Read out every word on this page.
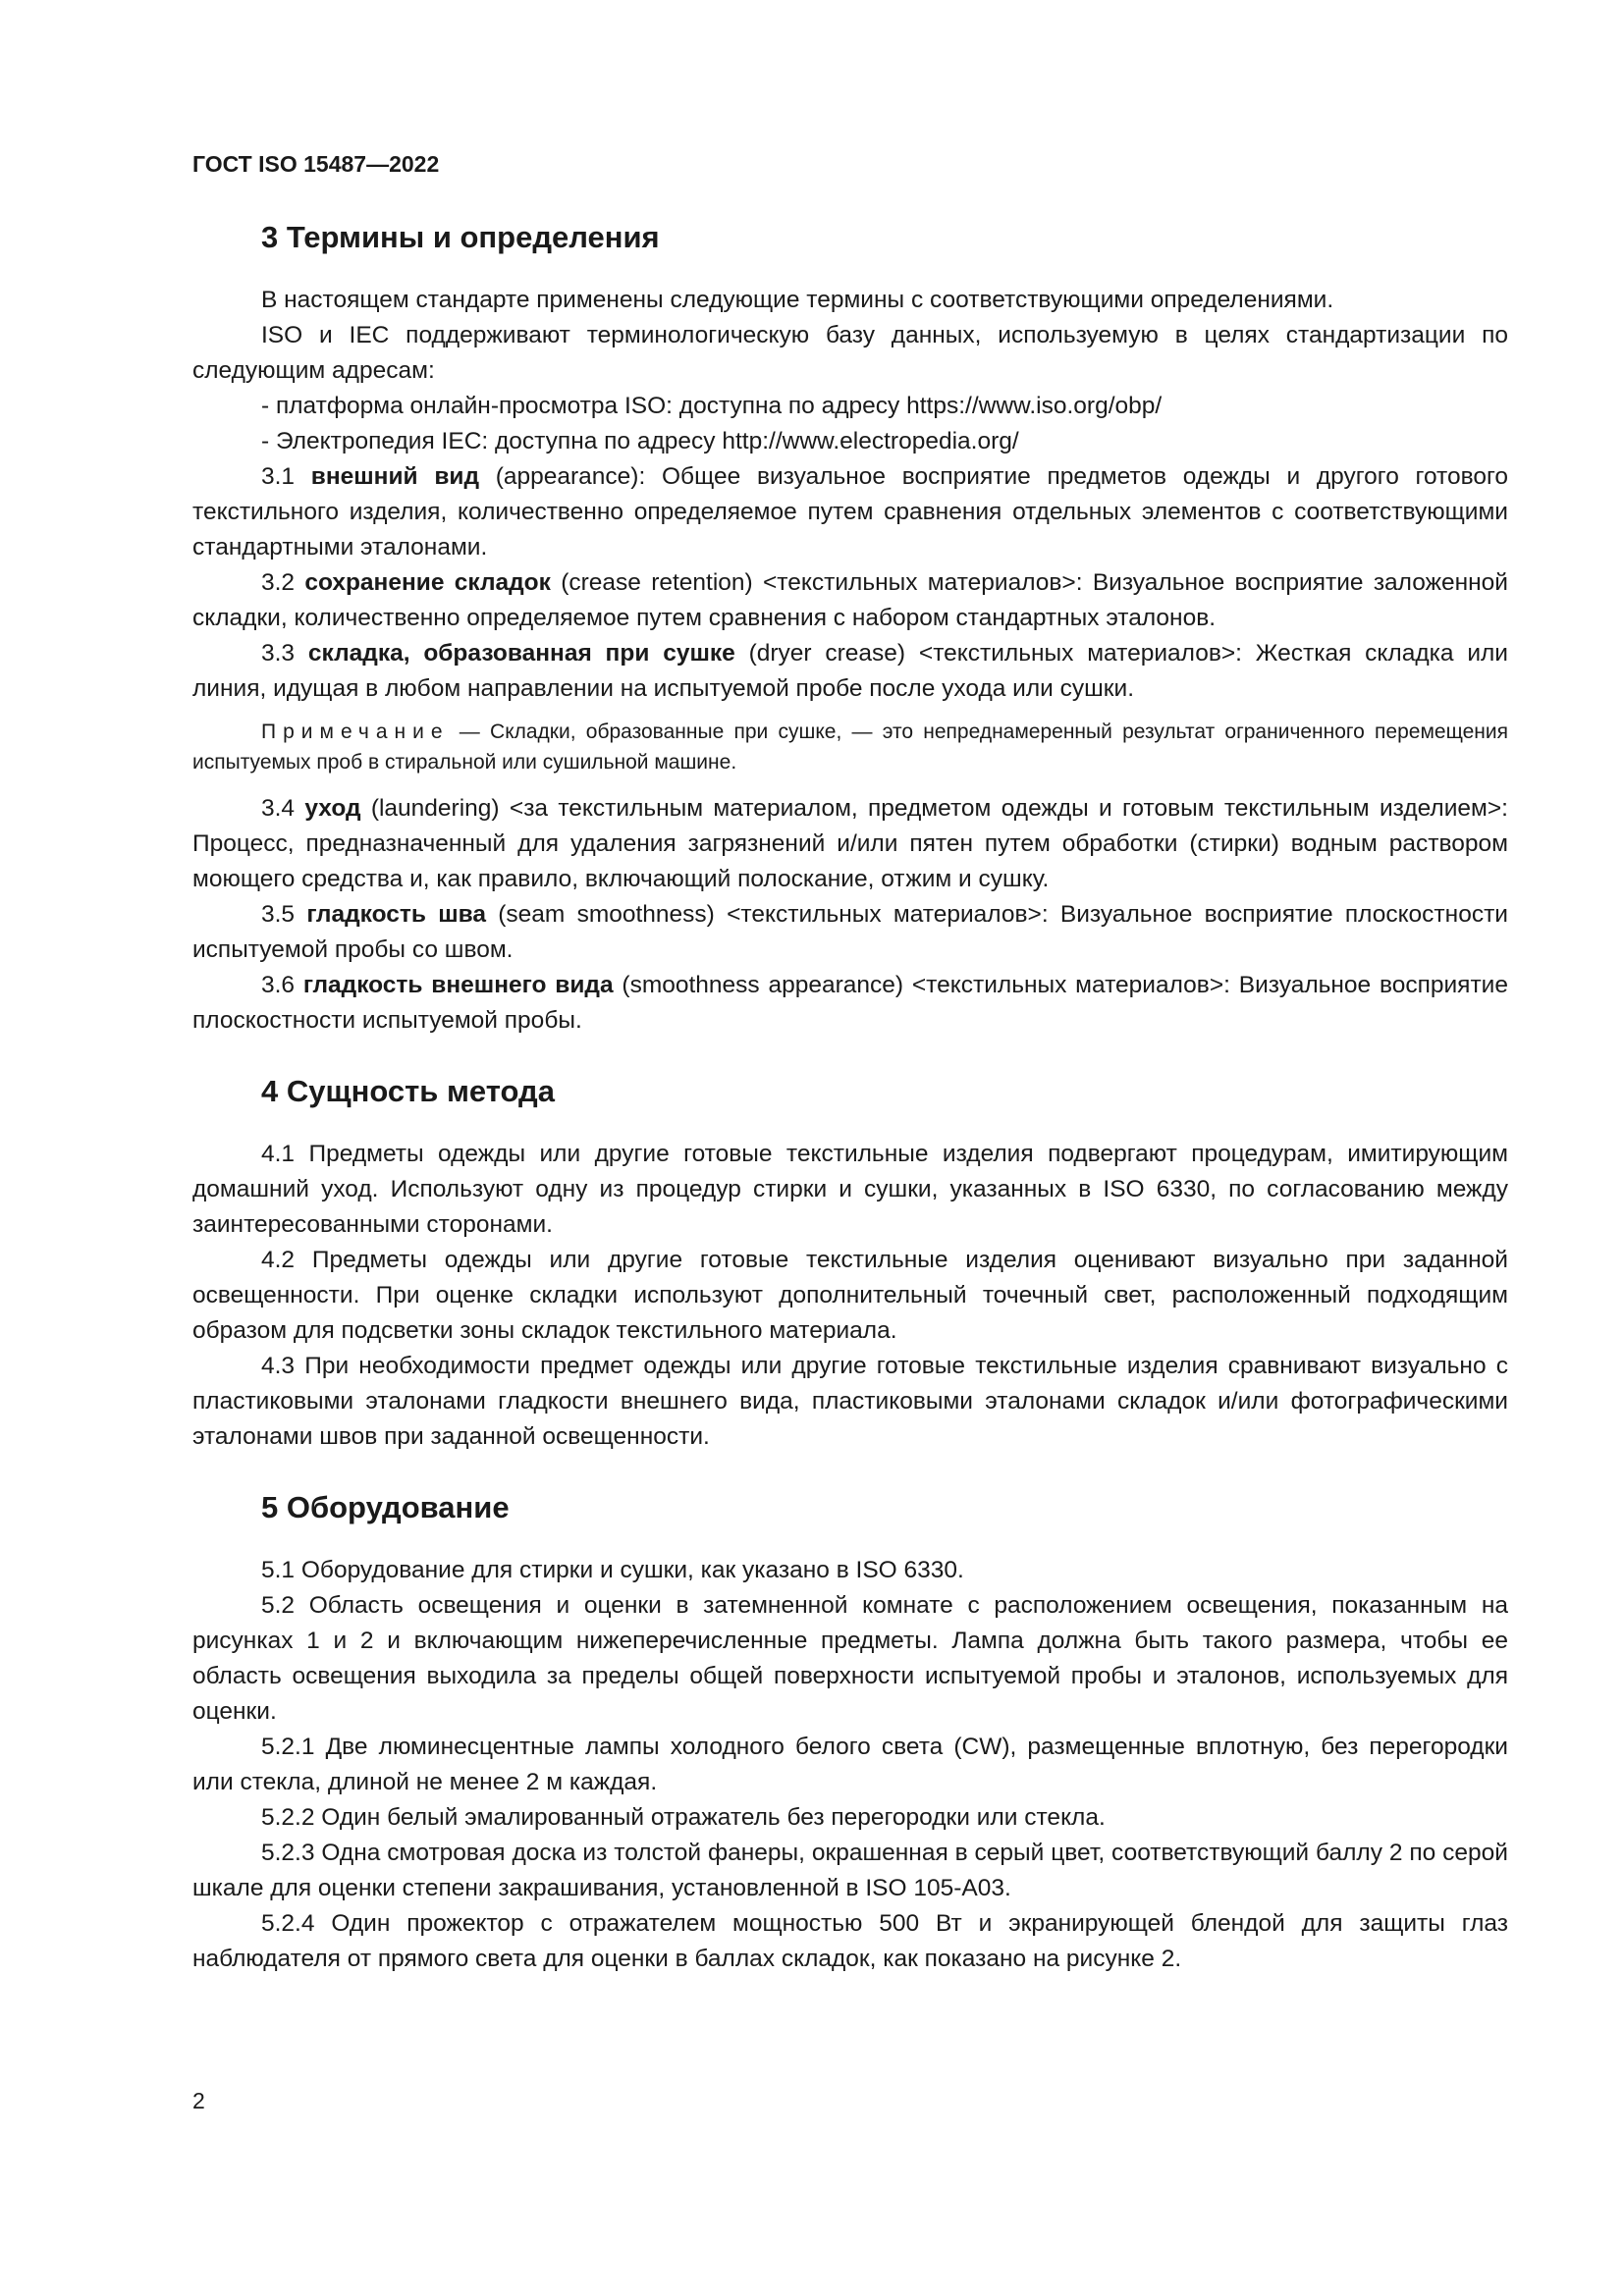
ГОСТ ISO 15487—2022

3 Термины и определения

В настоящем стандарте применены следующие термины с соответствующими определениями.

ISO и IEC поддерживают терминологическую базу данных, используемую в целях стандартизации по следующим адресам:

- платформа онлайн-просмотра ISO: доступна по адресу https://www.iso.org/obp/

- Электропедия IEC: доступна по адресу http://www.electropedia.org/

3.1 внешний вид (appearance): Общее визуальное восприятие предметов одежды и другого готового текстильного изделия, количественно определяемое путем сравнения отдельных элементов с соответствующими стандартными эталонами.

3.2 сохранение складок (crease retention) <текстильных материалов>: Визуальное восприятие заложенной складки, количественно определяемое путем сравнения с набором стандартных эталонов.

3.3 складка, образованная при сушке (dryer crease) <текстильных материалов>: Жесткая складка или линия, идущая в любом направлении на испытуемой пробе после ухода или сушки.

Примечание — Складки, образованные при сушке, — это непреднамеренный результат ограниченного перемещения испытуемых проб в стиральной или сушильной машине.

3.4 уход (laundering) <за текстильным материалом, предметом одежды и готовым текстильным изделием>: Процесс, предназначенный для удаления загрязнений и/или пятен путем обработки (стирки) водным раствором моющего средства и, как правило, включающий полоскание, отжим и сушку.

3.5 гладкость шва (seam smoothness) <текстильных материалов>: Визуальное восприятие плоскостности испытуемой пробы со швом.

3.6 гладкость внешнего вида (smoothness appearance) <текстильных материалов>: Визуальное восприятие плоскостности испытуемой пробы.

4 Сущность метода

4.1 Предметы одежды или другие готовые текстильные изделия подвергают процедурам, имитирующим домашний уход. Используют одну из процедур стирки и сушки, указанных в ISO 6330, по согласованию между заинтересованными сторонами.

4.2 Предметы одежды или другие готовые текстильные изделия оценивают визуально при заданной освещенности. При оценке складки используют дополнительный точечный свет, расположенный подходящим образом для подсветки зоны складок текстильного материала.

4.3 При необходимости предмет одежды или другие готовые текстильные изделия сравнивают визуально с пластиковыми эталонами гладкости внешнего вида, пластиковыми эталонами складок и/или фотографическими эталонами швов при заданной освещенности.

5 Оборудование

5.1 Оборудование для стирки и сушки, как указано в ISO 6330.

5.2 Область освещения и оценки в затемненной комнате с расположением освещения, показанным на рисунках 1 и 2 и включающим нижеперечисленные предметы. Лампа должна быть такого размера, чтобы ее область освещения выходила за пределы общей поверхности испытуемой пробы и эталонов, используемых для оценки.

5.2.1 Две люминесцентные лампы холодного белого света (CW), размещенные вплотную, без перегородки или стекла, длиной не менее 2 м каждая.

5.2.2 Один белый эмалированный отражатель без перегородки или стекла.

5.2.3 Одна смотровая доска из толстой фанеры, окрашенная в серый цвет, соответствующий баллу 2 по серой шкале для оценки степени закрашивания, установленной в ISO 105-A03.

5.2.4 Один прожектор с отражателем мощностью 500 Вт и экранирующей блендой для защиты глаз наблюдателя от прямого света для оценки в баллах складок, как показано на рисунке 2.

2
